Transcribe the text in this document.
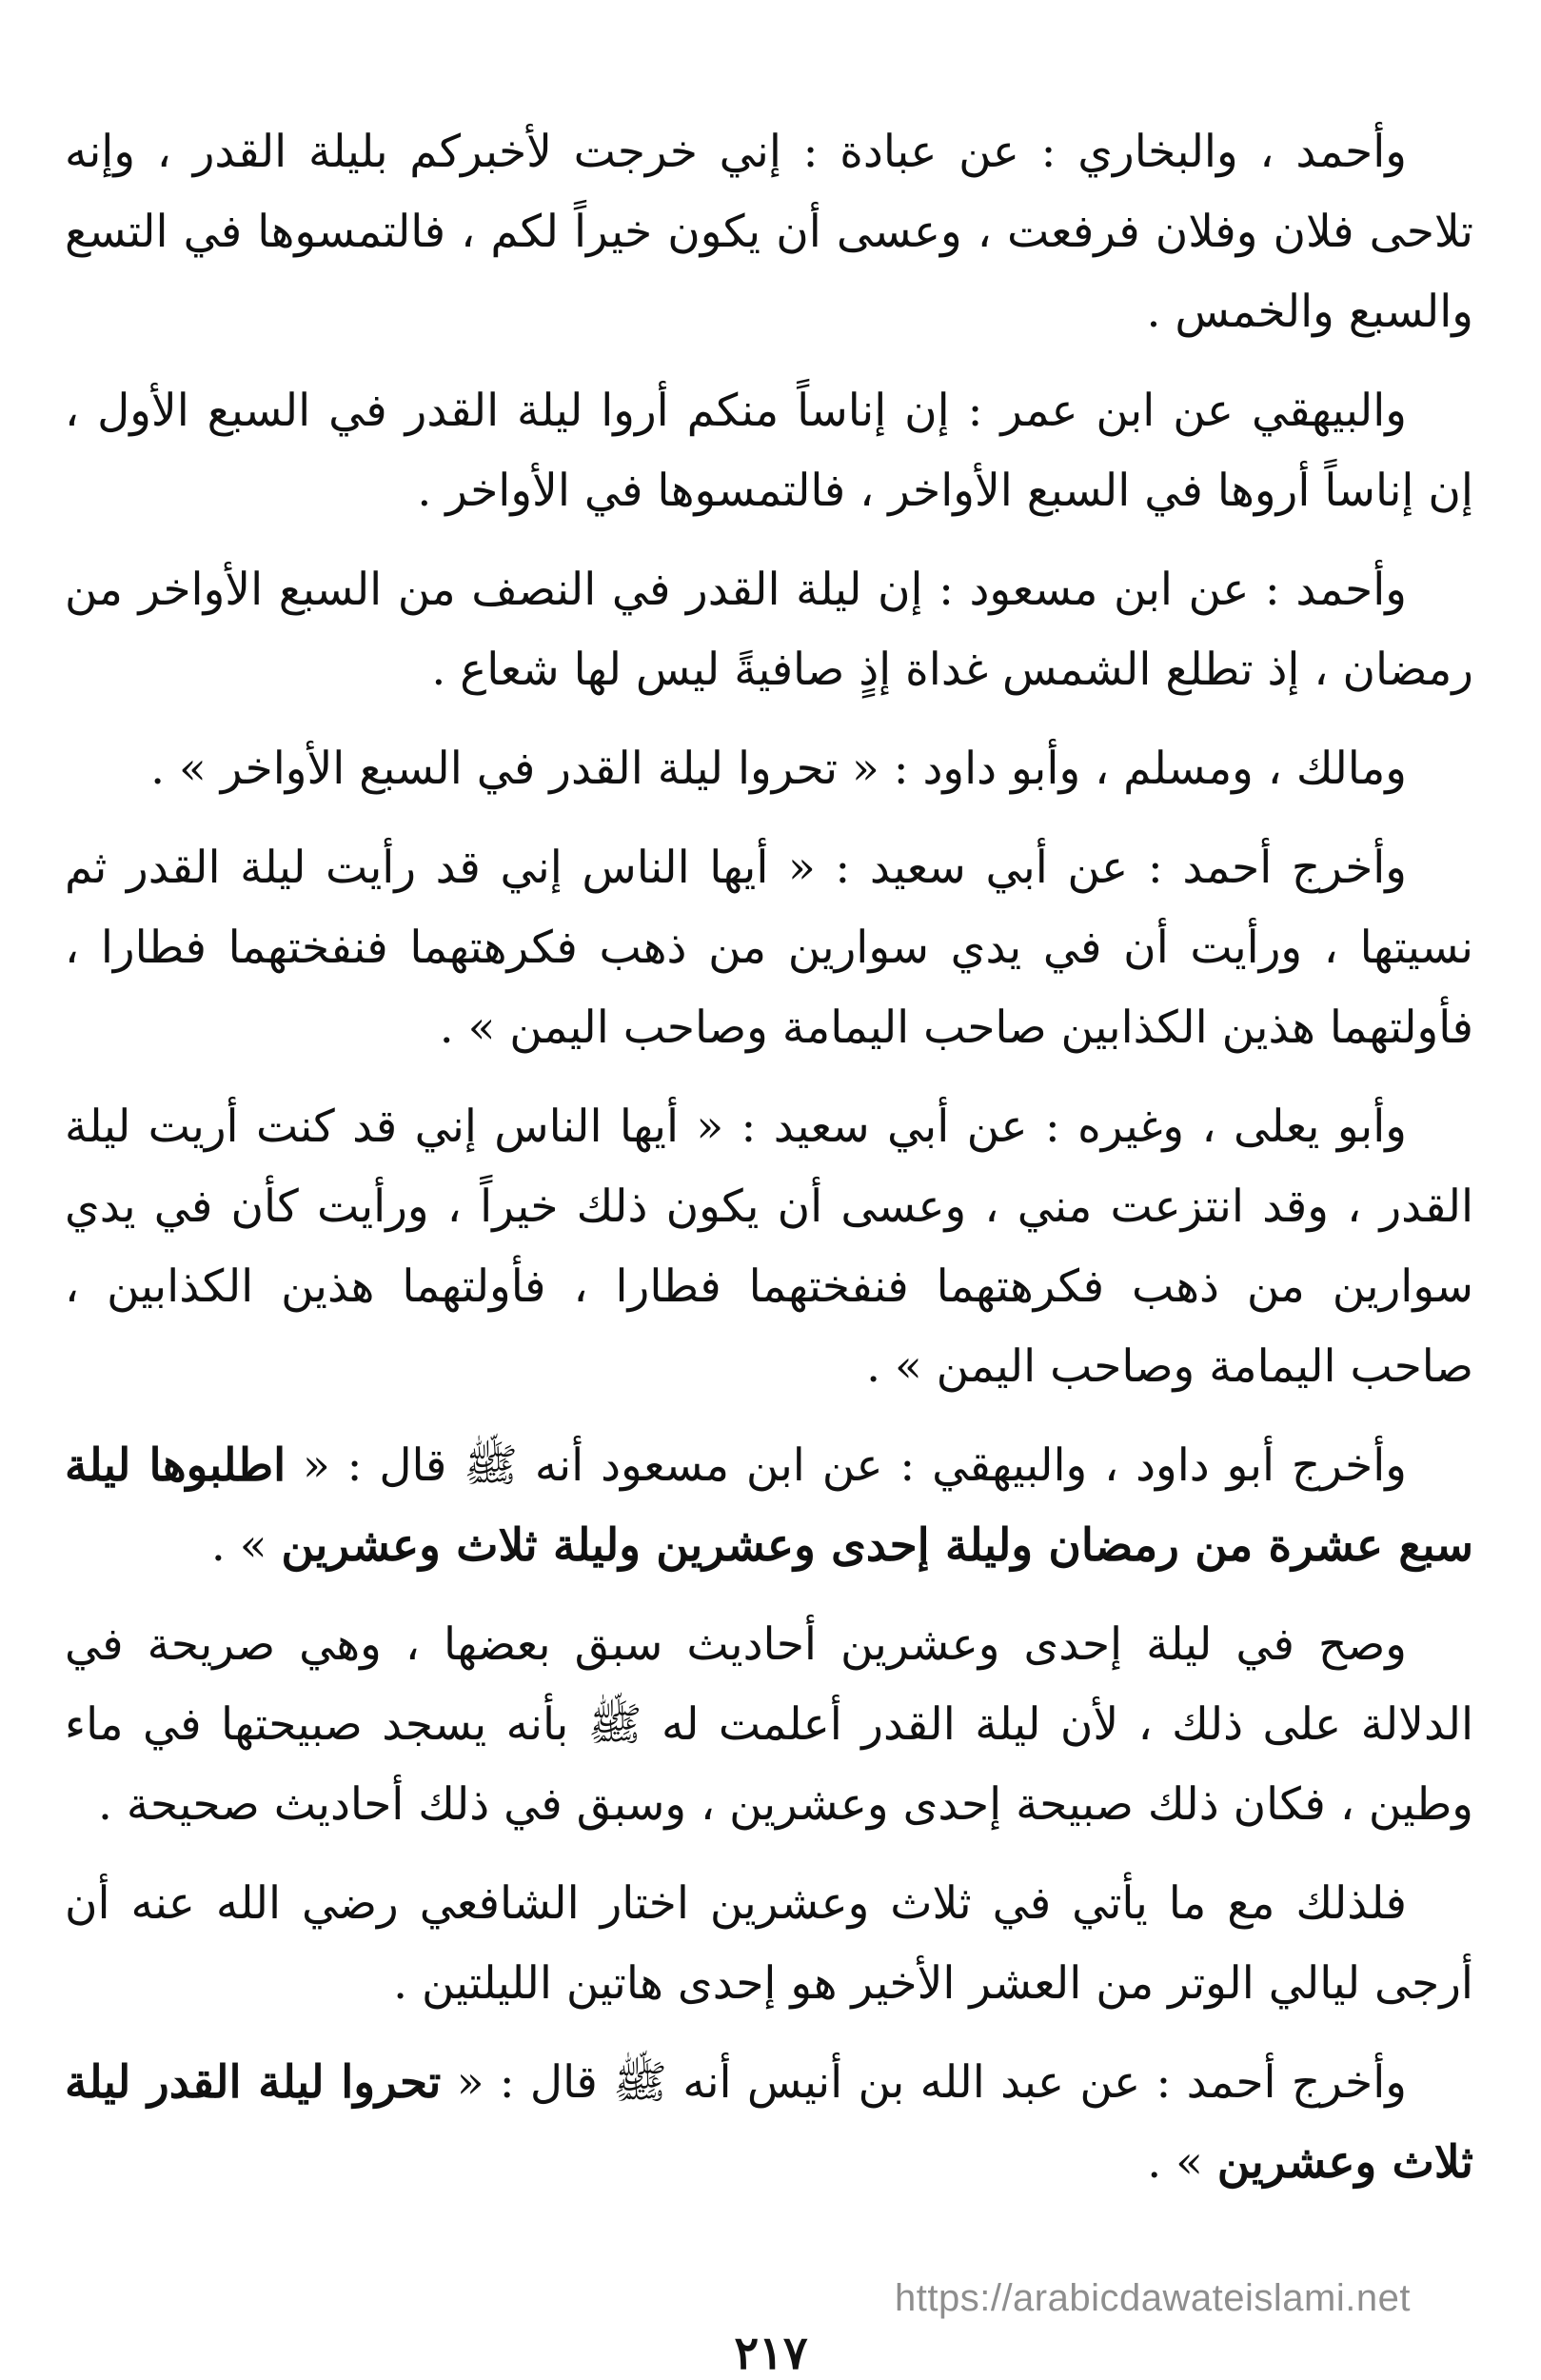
وأحمد ، والبخاري : عن عبادة : إني خرجت لأخبركم بليلة القدر ، وإنه تلاحى فلان وفلان فرفعت ، وعسى أن يكون خيراً لكم ، فالتمسوها في التسع والسبع والخمس .

والبيهقي عن ابن عمر : إن إناساً منكم أروا ليلة القدر في السبع الأول ، إن إناساً أروها في السبع الأواخر ، فالتمسوها في الأواخر .

وأحمد : عن ابن مسعود : إن ليلة القدر في النصف من السبع الأواخر من رمضان ، إذ تطلع الشمس غداة إذٍ صافيةً ليس لها شعاع .

ومالك ، ومسلم ، وأبو داود : « تحروا ليلة القدر في السبع الأواخر » .

وأخرج أحمد : عن أبي سعيد : « أيها الناس إني قد رأيت ليلة القدر ثم نسيتها ، ورأيت أن في يدي سوارين من ذهب فكرهتهما فنفختهما فطارا ، فأولتهما هذين الكذابين صاحب اليمامة وصاحب اليمن » .

وأبو يعلى ، وغيره : عن أبي سعيد : « أيها الناس إني قد كنت أريت ليلة القدر ، وقد انتزعت مني ، وعسى أن يكون ذلك خيراً ، ورأيت كأن في يدي سوارين من ذهب فكرهتهما فنفختهما فطارا ، فأولتهما هذين الكذابين ، صاحب اليمامة وصاحب اليمن » .

وأخرج أبو داود ، والبيهقي : عن ابن مسعود أنه ﷺ قال : « اطلبوها ليلة سبع عشرة من رمضان وليلة إحدى وعشرين وليلة ثلاث وعشرين » .

وصح في ليلة إحدى وعشرين أحاديث سبق بعضها ، وهي صريحة في الدلالة على ذلك ، لأن ليلة القدر أعلمت له ﷺ بأنه يسجد صبيحتها في ماء وطين ، فكان ذلك صبيحة إحدى وعشرين ، وسبق في ذلك أحاديث صحيحة .

فلذلك مع ما يأتي في ثلاث وعشرين اختار الشافعي رضي الله عنه أن أرجى ليالي الوتر من العشر الأخير هو إحدى هاتين الليلتين .

وأخرج أحمد : عن عبد الله بن أنيس أنه ﷺ قال : « تحروا ليلة القدر ليلة ثلاث وعشرين » .

https://arabicdawateislami.net
٢١٧
